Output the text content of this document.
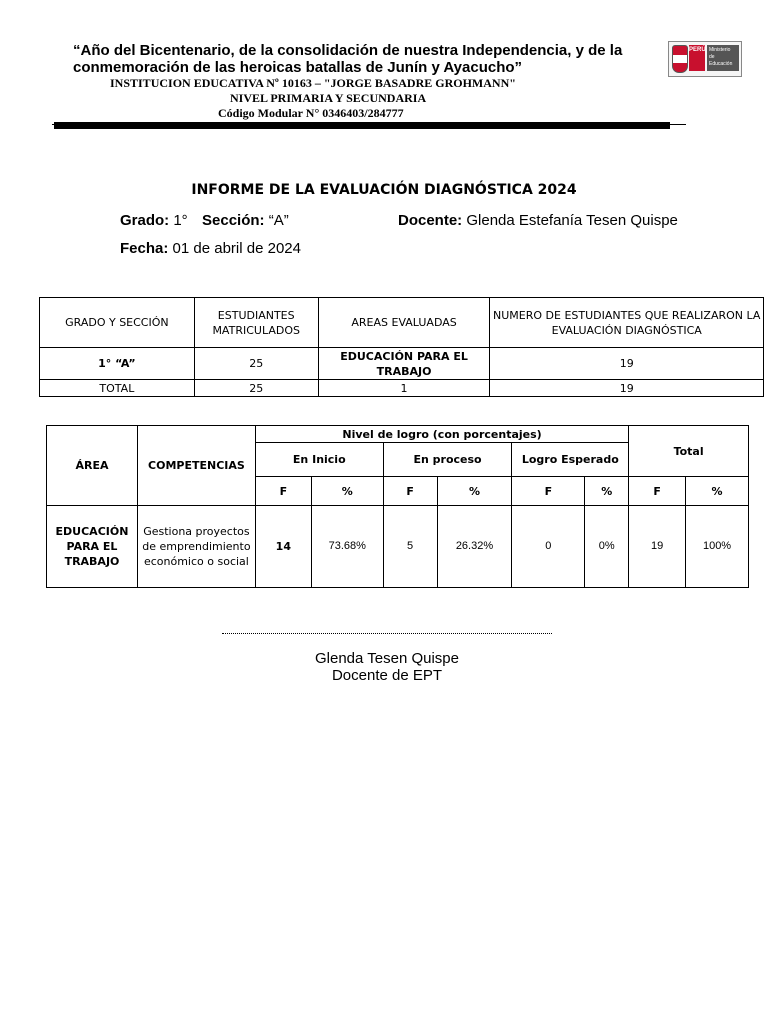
“Año del Bicentenario, de la consolidación de nuestra Independencia, y de la conmemoración de las heroicas batallas de Junín y Ayacucho”
INSTITUCION EDUCATIVA Nº 10163 – "JORGE BASADRE GROHMANN"
NIVEL PRIMARIA Y SECUNDARIA
Código Modular N° 0346403/284777
PERÚ Ministerio de Educación
INFORME DE LA EVALUACIÓN DIAGNÓSTICA 2024
Grado: 1° Sección: “A”	Docente: Glenda Estefanía Tesen Quispe
Fecha: 01 de abril de 2024
GRADO Y SECCIÓN	ESTUDIANTES MATRICULADOS	AREAS EVALUADAS	NUMERO DE ESTUDIANTES QUE REALIZARON LA EVALUACIÓN DIAGNÓSTICA
1° “A”	25	EDUCACIÓN PARA EL TRABAJO	19
TOTAL	25	1	19
ÁREA	COMPETENCIAS	Nivel de logro (con porcentajes)						Total	
		En Inicio		En proceso		Logro Esperado			
		F	%	F	%	F	%	F	%
EDUCACIÓN PARA EL TRABAJO	Gestiona proyectos de emprendimiento económico o social	14	73.68%	5	26.32%	0	0%	19	100%
Glenda Tesen Quispe
Docente de EPT
